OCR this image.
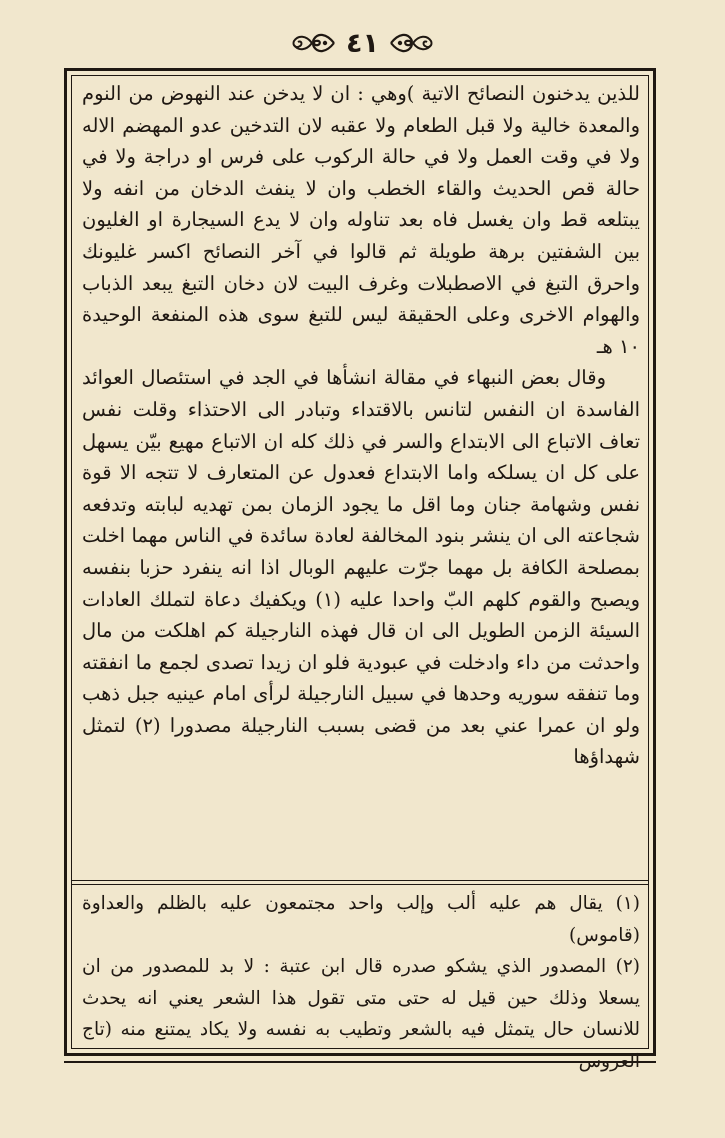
٤١

للذين يدخنون النصائح الاتية )وهي : ان لا يدخن عند النهوض من النوم والمعدة خالية ولا قبل الطعام ولا عقبه لان التدخين عدو المهضم الاله ولا في وقت العمل ولا في حالة الركوب على فرس او دراجة ولا في حالة قص الحديث والقاء الخطب وان لا ينفث الدخان من انفه ولا يبتلعه قط وان يغسل فاه بعد تناوله وان لا يدع السيجارة او الغليون بين الشفتين برهة طويلة ثم قالوا في آخر النصائح اكسر غليونك واحرق التبغ في الاصطبلات وغرف البيت لان دخان التبغ يبعد الذباب والهوام الاخرى وعلى الحقيقة ليس للتبغ سوى هذه المنفعة الوحيدة ١٠ هـ

وقال بعض النبهاء في مقالة انشأها في الجد في استئصال العوائد الفاسدة ان النفس لتانس بالاقتداء وتبادر الى الاحتذاء وقلت نفس تعاف الاتباع الى الابتداع والسر في ذلك كله ان الاتباع مهيع بيّن يسهل على كل ان يسلكه واما الابتداع فعدول عن المتعارف لا تتجه الا قوة نفس وشهامة جنان وما اقل ما يجود الزمان بمن تهديه لبابته وتدفعه شجاعته الى ان ينشر بنود المخالفة لعادة سائدة في الناس مهما اخلت بمصلحة الكافة بل مهما جرّت عليهم الوبال اذا انه ينفرد حزبا بنفسه ويصبح والقوم كلهم البّ واحدا عليه (١) ويكفيك دعاة لتملك العادات السيئة الزمن الطويل الى ان قال فهذه النارجيلة كم اهلكت من مال واحدثت من داء وادخلت في عبودية فلو ان زيدا تصدى لجمع ما انفقته وما تنفقه سوريه وحدها في سبيل النارجيلة لرأى امام عينيه جبل ذهب ولو ان عمرا عني بعد من قضى بسبب النارجيلة مصدورا (٢) لتمثل شهداؤها

(١) يقال هم عليه ألب وإلب واحد مجتمعون عليه بالظلم والعداوة (قاموس)

(٢) المصدور الذي يشكو صدره قال ابن عتبة : لا بد للمصدور من ان يسعلا وذلك حين قيل له حتى متى تقول هذا الشعر يعني انه يحدث للانسان حال يتمثل فيه بالشعر وتطيب به نفسه ولا يكاد يمتنع منه (تاج العروس
